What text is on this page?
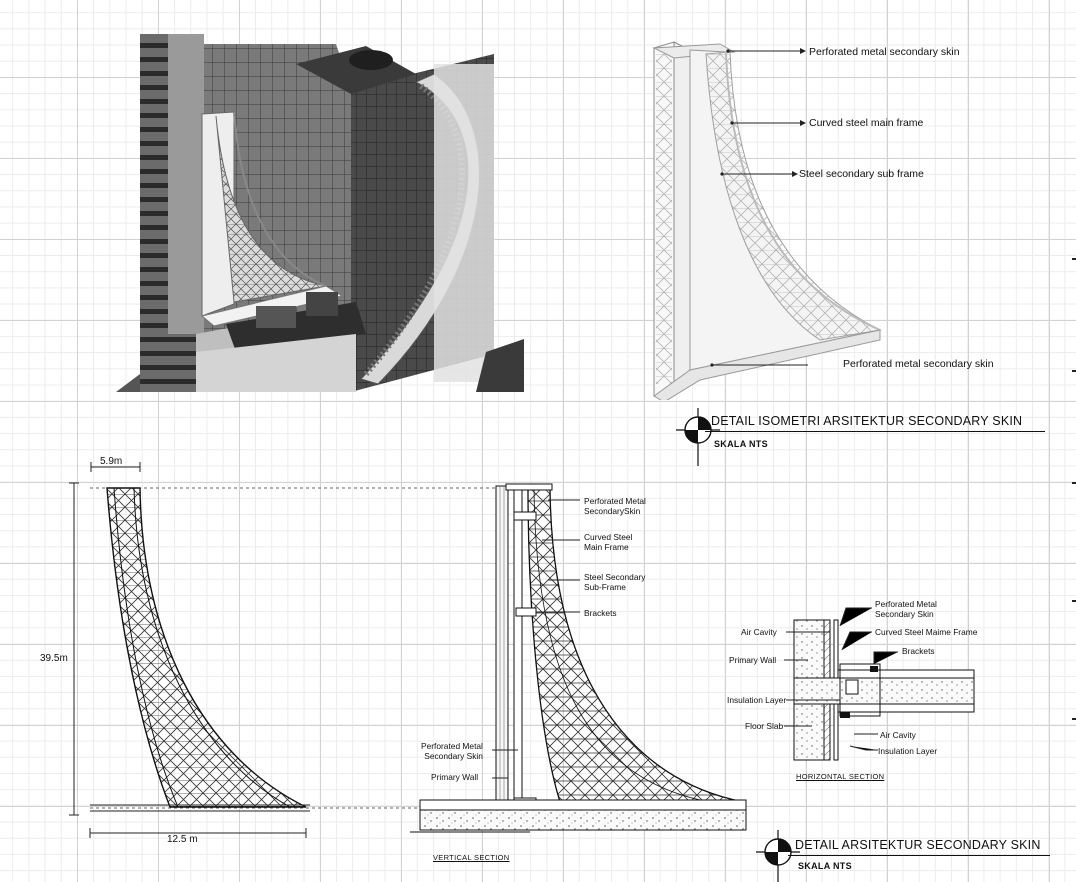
Perforated metal secondary skin
Curved steel main frame
Steel secondary sub frame
Perforated metal secondary skin
DETAIL ISOMETRI ARSITEKTUR SECONDARY SKIN
SKALA NTS
5.9m
39.5m
12.5 m
Perforated Metal
SecondarySkin
Curved Steel
Main Frame
Steel Secondary
Sub-Frame
Brackets
Perforated Metal
Secondary Skin
Primary Wall
VERTICAL SECTION
Perforated Metal
Secondary Skin
Curved Steel Maime Frame
Brackets
Air Cavity
Insulation Layer
Air Cavity
Primary Wall
Insulation Layer
Floor Slab
HORIZONTAL SECTION
DETAIL ARSITEKTUR SECONDARY SKIN
SKALA NTS
